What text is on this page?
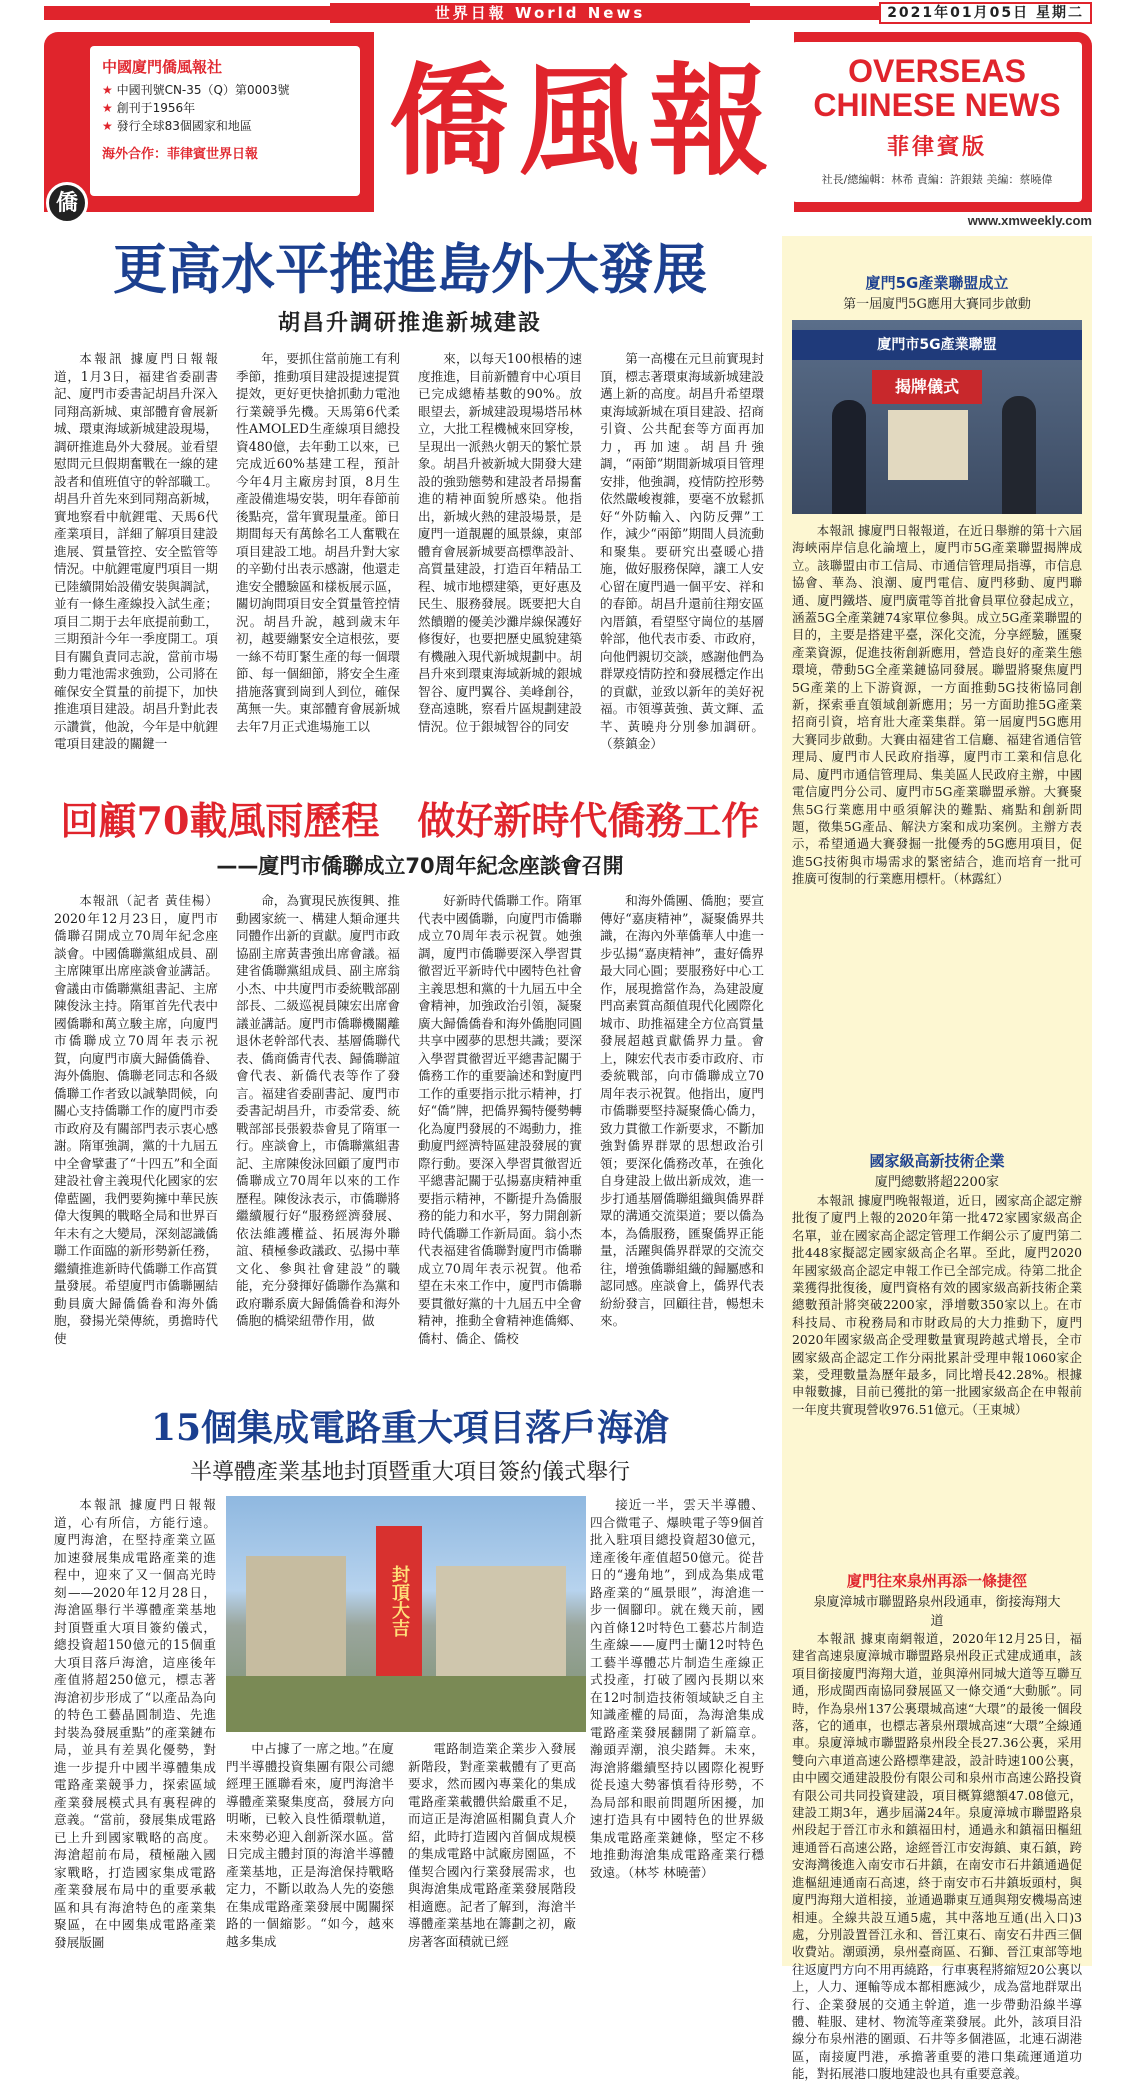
世界日報 World News	2021年01月05日 星期二
中國廈門僑風報社
★ 中國刊號CN-35（Q）第0003號
★ 創刊于1956年
★ 發行全球83個國家和地區
海外合作：菲律賓世界日報
僑
僑風報	OVERSEAS
CHINESE NEWS
菲律賓版
社長/總編輯：林希 責編：許銀錶 美編：蔡曉偉
www.xmweekly.com
更高水平推進島外大發展
胡昌升調研推進新城建設

本報訊 據廈門日報報道，1月3日，福建省委副書記、廈門市委書記胡昌升深入同翔高新城、東部體育會展新城、環東海域新城建設現場，調研推進島外大發展。並看望慰問元旦假期奮戰在一線的建設者和值班值守的幹部職工。胡昌升首先來到同翔高新城，實地察看中航鋰電、天馬6代產業項目，詳細了解項目建設進展、質量管控、安全監管等情況。中航鋰電廈門項目一期已陸續開始設備安裝與調試，並有一條生產線投入試生產；項目二期于去年底提前動工，三期預計今年一季度開工。項目有關負責同志說，當前市場動力電池需求強勁，公司將在確保安全質量的前提下，加快推進項目建設。胡昌升對此表示讚賞，他說，今年是中航鋰電項目建設的關鍵一

年，要抓住當前施工有利季節，推動項目建設提速提質提效，更好更快搶抓動力電池行業競爭先機。天馬第6代柔性AMOLED生產線項目總投資480億，去年動工以來，已完成近60%基建工程，預計今年4月主廠房封頂，8月生產設備進場安裝，明年春節前後點亮，當年實現量產。節日期間每天有萬餘名工人奮戰在項目建設工地。胡昌升對大家的辛勤付出表示感謝，他還走進安全體驗區和樣板展示區，關切詢問項目安全質量管控情況。胡昌升說，越到歲末年初，越要繃緊安全這根弦，要一絲不苟盯緊生產的每一個環節、每一個細節，將安全生產措施落實到崗到人到位，確保萬無一失。東部體育會展新城去年7月正式進場施工以

來，以每天100根樁的速度推進，目前新體育中心項目已完成總樁基數的90%。放眼望去，新城建設現場塔吊林立，大批工程機械來回穿梭，呈現出一派熱火朝天的繁忙景象。胡昌升被新城大開發大建設的強勁態勢和建設者昂揚奮進的精神面貌所感染。他指出，新城火熱的建設場景，是廈門一道靚麗的風景線，東部體育會展新城要高標準設計、高質量建設，打造百年精品工程、城市地標建築，更好惠及民生、服務發展。既要把大自然饋贈的優美沙灘岸線保護好修復好，也要把歷史風貌建築有機融入現代新城規劃中。胡昌升來到環東海域新城的銀城智谷、廈門翼谷、美峰創谷，登高遠眺，察看片區規劃建設情況。位于銀城智谷的同安

第一高樓在元旦前實現封頂，標志著環東海域新城建設邁上新的高度。胡昌升希望環東海域新城在項目建設、招商引資、公共配套等方面再加力，再加速。胡昌升強調，“兩節”期間新城項目管理安排，他強調，疫情防控形勢依然嚴峻複雜，要毫不放鬆抓好“外防輸入、內防反彈”工作，減少“兩節”期間人員流動和聚集。要研究出臺暖心措施，做好服務保障，讓工人安心留在廈門過一個平安、祥和的春節。胡昌升還前往翔安區內厝鎮，看望堅守崗位的基層幹部，他代表市委、市政府，向他們親切交談，感謝他們為群眾疫情防控和發展穩定作出的貢獻，並致以新年的美好祝福。市領導黃強、黃文輝、孟芊、黃曉舟分別參加調研。（蔡鎮金）

回顧70載風雨歷程　做好新時代僑務工作
——廈門市僑聯成立70周年紀念座談會召開

本報訊（記者 黃佳楊）2020年12月23日，廈門市僑聯召開成立70周年紀念座談會。中國僑聯黨組成員、副主席陳軍出席座談會並講話。會議由市僑聯黨組書記、主席陳俊泳主持。隋軍首先代表中國僑聯和萬立駿主席，向廈門市僑聯成立70周年表示祝賀，向廈門市廣大歸僑僑眷、海外僑胞、僑聯老同志和各級僑聯工作者致以誠摯問候，向關心支持僑聯工作的廈門市委市政府及有關部門表示衷心感謝。隋軍強調，黨的十九屆五中全會擘畫了“十四五”和全面建設社會主義現代化國家的宏偉藍圖，我們要夠擁中華民族偉大復興的戰略全局和世界百年未有之大變局，深刻認識僑聯工作面臨的新形勢新任務，繼續推進新時代僑聯工作高質量發展。希望廈門市僑聯團結動員廣大歸僑僑眷和海外僑胞，發揚光榮傳統，勇擔時代使

命，為實現民族復興、推動國家統一、構建人類命運共同體作出新的貢獻。廈門市政協副主席黃書強出席會議。福建省僑聯黨組成員、副主席翁小杰、中共廈門市委統戰部副部長、二級巡視員陳宏出席會議並講話。廈門市僑聯機關離退休老幹部代表、基層僑聯代表、僑商僑青代表、歸僑聯誼會代表、新僑代表等作了發言。福建省委副書記、廈門市委書記胡昌升，市委常委、統戰部部長張毅恭會見了隋軍一行。座談會上，市僑聯黨組書記、主席陳俊泳回顧了廈門市僑聯成立70周年以來的工作歷程。陳俊泳表示，市僑聯將繼續履行好“服務經濟發展、依法維護權益、拓展海外聯誼、積極參政議政、弘揚中華文化、參與社會建設”的職能，充分發揮好僑聯作為黨和政府聯系廣大歸僑僑眷和海外僑胞的橋梁紐帶作用，做

好新時代僑聯工作。隋軍代表中國僑聯，向廈門市僑聯成立70周年表示祝賀。她強調，廈門市僑聯要深入學習貫徹習近平新時代中國特色社會主義思想和黨的十九屆五中全會精神，加強政治引領，凝聚廣大歸僑僑眷和海外僑胞同圓共享中國夢的思想共識；要深入學習貫徹習近平總書記關于僑務工作的重要論述和對廈門工作的重要指示批示精神，打好“僑”牌，把僑界獨特優勢轉化為廈門發展的不竭動力，推動廈門經濟特區建設發展的實際行動。要深入學習貫徹習近平總書記關于弘揚嘉庚精神重要指示精神，不斷提升為僑服務的能力和水平，努力開創新時代僑聯工作新局面。翁小杰代表福建省僑聯對廈門市僑聯成立70周年表示祝賀。他希望在未來工作中，廈門市僑聯要貫徹好黨的十九屆五中全會精神，推動全會精神進僑鄉、僑村、僑企、僑校

和海外僑團、僑胞；要宣傳好“嘉庚精神”，凝聚僑界共識，在海內外華僑華人中進一步弘揚“嘉庚精神”，畫好僑界最大同心圓；要服務好中心工作，展現擔當作為，為建設廈門高素質高顏值現代化國際化城市、助推福建全方位高質量發展超越貢獻僑界力量。會上，陳宏代表市委市政府、市委統戰部，向市僑聯成立70周年表示祝賀。他指出，廈門市僑聯要堅持凝聚僑心僑力，致力貫徹工作新要求，不斷加強對僑界群眾的思想政治引領；要深化僑務改革，在強化自身建設上做出新成效，進一步打通基層僑聯組織與僑界群眾的溝通交流渠道；要以僑為本，為僑服務，匯聚僑界正能量，活躍與僑界群眾的交流交往，增強僑聯組織的歸屬感和認同感。座談會上，僑界代表紛紛發言，回顧往昔，暢想未來。

15個集成電路重大項目落戶海滄
半導體產業基地封頂暨重大項目簽約儀式舉行

本報訊 據廈門日報報道，心有所信，方能行遠。廈門海滄，在堅持產業立區加速發展集成電路產業的進程中，迎來了又一個高光時刻——2020年12月28日，海滄區舉行半導體產業基地封頂暨重大項目簽約儀式，總投資超150億元的15個重大項目落戶海滄，這座後年產值將超250億元，標志著海滄初步形成了“以產品為向的特色工藝晶圓制造、先進封裝為發展重點”的產業鏈布局，並具有差異化優勢，對進一步提升中國半導體集成電路產業競爭力，探索區域產業發展模式具有裏程碑的意義。“當前，發展集成電路已上升到國家戰略的高度。海滄超前布局，積極融入國家戰略，打造國家集成電路產業發展布局中的重要承載區和具有海滄特色的產業集聚區，在中國集成電路產業發展版圖

封頂大吉

中占據了一席之地。”在廈門半導體投資集團有限公司總經理王匯聯看來，廈門海滄半導體產業聚集度高，發展方向明晰，已較入良性循環軌道，未來勢必迎入創新深水區。當日完成主體封頂的海滄半導體產業基地，正是海滄保持戰略定力，不斷以敢為人先的姿態在集成電路產業發展中闖關探路的一個縮影。“如今，越來越多集成

電路制造業企業步入發展新階段，對產業載體有了更高要求，然而國內專業化的集成電路產業載體供給嚴重不足，而這正是海滄區相關負責人介紹，此時打造國內首個成規模的集成電路中試廠房園區，不僅契合國內行業發展需求，也與海滄集成電路產業發展階段相適應。記者了解到，海滄半導體產業基地在籌劃之初，廠房著客面積就已經

接近一半，雲天半導體、四合微電子、爆映電子等9個首批入駐項目總投資超30億元，達產後年產值超50億元。從昔日的“邊角地”，到成為集成電路產業的“風景眼”，海滄進一步一個腳印。就在幾天前，國內首條12吋特色工藝芯片制造生產線——廈門士蘭12吋特色工藝半導體芯片制造生產線正式投產，打破了國內長期以來在12吋制造技術領域缺乏自主知識產權的局面，為海滄集成電路產業發展翻開了新篇章。瀚頭弄潮，浪尖踏舞。未來，海滄將繼續堅持以國際化視野從長遠大勢審慎看待形勢，不為局部和眼前問題所困擾，加速打造具有中國特色的世界級集成電路產業鏈條，堅定不移地推動海滄集成電路產業行穩致遠。（林芩 林曉蕾）

廈門5G產業聯盟成立
第一屆廈門5G應用大賽同步啟動
廈門市5G產業聯盟
揭牌儀式

本報訊 據廈門日報報道，在近日舉辦的第十六屆海峽兩岸信息化論壇上，廈門市5G產業聯盟揭牌成立。該聯盟由市工信局、市通信管理局指導，市信息協會、華為、浪潮、廈門電信、廈門移動、廈門聯通、廈門鐵塔、廈門廣電等首批會員單位發起成立，涵蓋5G全產業鏈74家單位參與。成立5G產業聯盟的目的，主要是搭建平臺，深化交流，分享經驗，匯聚產業資源，促進技術創新應用，營造良好的產業生態環境，帶動5G全產業鏈協同發展。聯盟將聚焦廈門5G產業的上下游資源，一方面推動5G技術協同創新，探索垂直領域創新應用；另一方面助推5G產業招商引資，培育壯大產業集群。第一屆廈門5G應用大賽同步啟動。大賽由福建省工信廳、福建省通信管理局、廈門市人民政府指導，廈門市工業和信息化局、廈門市通信管理局、集美區人民政府主辦，中國電信廈門分公司、廈門市5G產業聯盟承辦。大賽聚焦5G行業應用中亟須解決的難點、痛點和創新問題，徵集5G產品、解決方案和成功案例。主辦方表示，希望通過大賽發掘一批優秀的5G應用項目，促進5G技術與市場需求的緊密結合，進而培育一批可推廣可復制的行業應用標杆。（林露紅）

國家級高新技術企業
廈門總數將超2200家

本報訊 據廈門晚報報道，近日，國家高企認定辦批復了廈門上報的2020年第一批472家國家級高企名單，並在國家高企認定管理工作網公示了廈門第二批448家擬認定國家級高企名單。至此，廈門2020年國家級高企認定申報工作已全部完成。待第二批企業獲得批復後，廈門資格有效的國家級高新技術企業總數預計將突破2200家，淨增數350家以上。在市科技局、市稅務局和市財政局的大力推動下，廈門2020年國家級高企受理數量實現跨越式增長，全市國家級高企認定工作分兩批累計受理申報1060家企業，受理數量為歷年最多，同比增長42.28%。根據申報數據，目前已獲批的第一批國家級高企在申報前一年度共實現營收976.51億元。（王東城）

廈門往來泉州再添一條捷徑
泉廈漳城市聯盟路泉州段通車，銜接海翔大道

本報訊 據東南網報道，2020年12月25日，福建省高速泉廈漳城市聯盟路泉州段正式建成通車，該項目銜接廈門海翔大道，並與漳州同城大道等互聯互通，形成閩西南協同發展區又一條交通“大動脈”。同時，作為泉州137公裏環城高速“大環”的最後一個段落，它的通車，也標志著泉州環城高速“大環”全線通車。泉廈漳城市聯盟路泉州段全長27.36公裏，采用雙向六車道高速公路標準建設，設計時速100公裏，由中國交通建設股份有限公司和泉州市高速公路投資有限公司共同投資建設，項目概算總額47.08億元，建設工期3年，邁步屆滿24年。泉廈漳城市聯盟路泉州段起于晉江市永和鎮福田村，通過永和鎮福田樞紐連通晉石高速公路，途經晉江市安海鎮、東石鎮，跨安海灣後進入南安市石井鎮，在南安市石井鎮通過促進樞紐連通南石高速，終于南安市石井鎮坂頭村，與廈門海翔大道相接，並通過聯東互通與翔安機場高速相連。全線共設互通5處，其中落地互通(出入口)3處，分別設置晉江永和、晉江東石、南安石井西三個收費站。潮頭湧，泉州臺商區、石獅、晉江東部等地往返廈門方向不用再繞路，行車裏程將縮短20公裏以上，人力、運輸等成本都相應減少，成為當地群眾出行、企業發展的交通主幹道，進一步帶動沿線半導體、鞋服、建材、物流等產業發展。此外，該項目沿線分布泉州港的圍頭、石井等多個港區，北連石湖港區，南接廈門港，承擔著重要的港口集疏運通道功能，對拓展港口腹地建設也具有重要意義。
